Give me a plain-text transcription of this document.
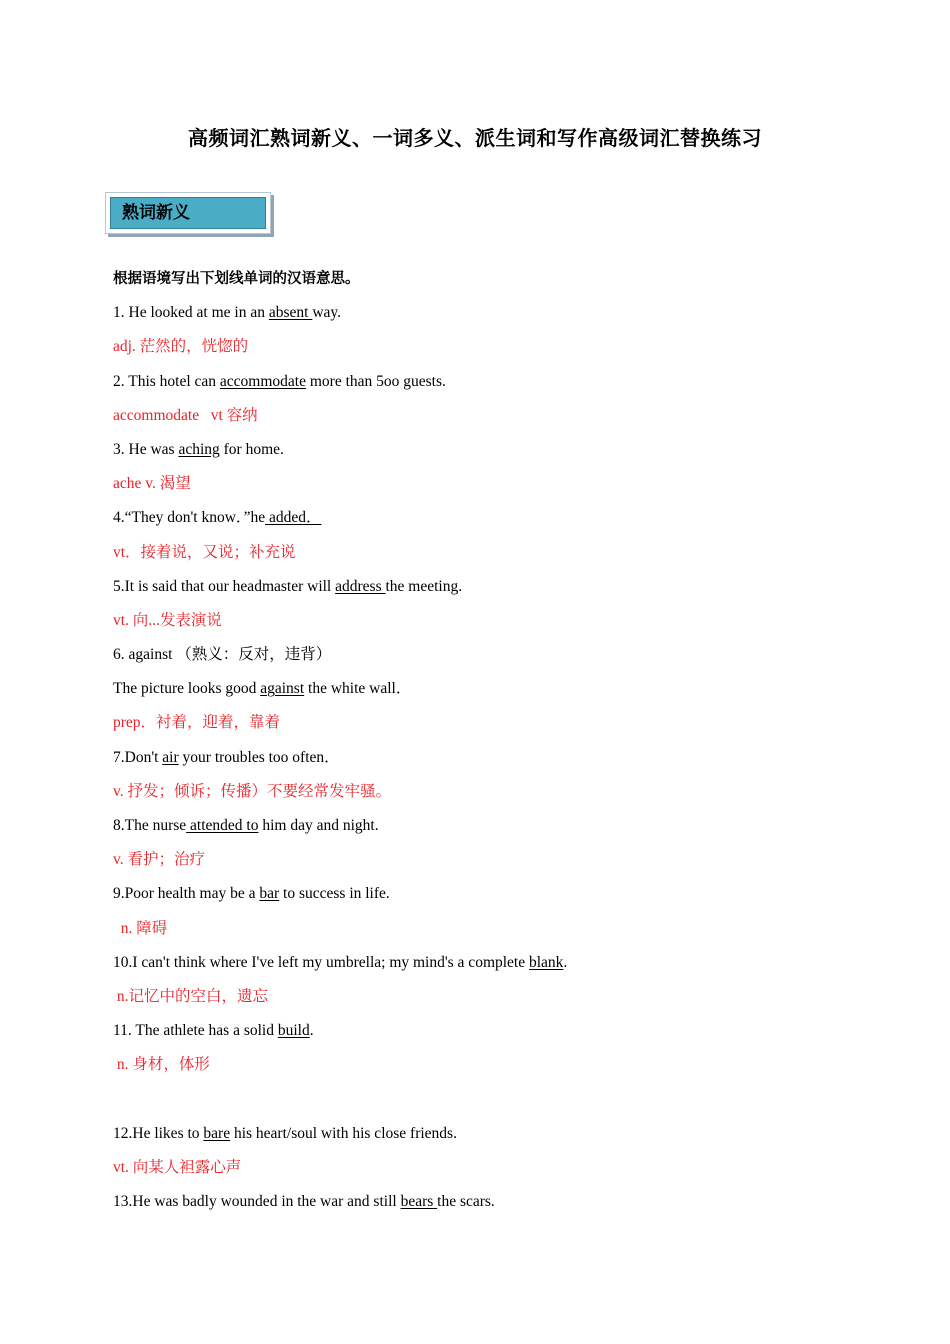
高频词汇熟词新义、一词多义、派生词和写作高级词汇替换练习
熟词新义
根据语境写出下划线单词的汉语意思。
1. He looked at me in an absent way.
adj. 茫然的，恍惚的
2. This hotel can accommodate more than 5oo guests.
accommodate   vt 容纳
3. He was aching for home.
ache v. 渴望
4.“They don't know．”he added．
vt．接着说，又说；补充说
5.It is said that our headmaster will address the meeting.
vt. 向...发表演说
6. against （熟义：反对，违背）
The picture looks good against the white wall．
prep．衬着，迎着，靠着
7.Don't air your troubles too often．
v. 抒发；倾诉；传播）不要经常发牢骚。
8.The nurse attended to him day and night.
v. 看护；治疗
9.Poor health may be a bar to success in life.
n. 障碍
10.I can't think where I've left my umbrella; my mind's a complete blank.
n.记忆中的空白，遗忘
11. The athlete has a solid build.
n. 身材，体形
12.He likes to bare his heart/soul with his close friends.
vt. 向某人袒露心声
13.He was badly wounded in the war and still bears the scars.
